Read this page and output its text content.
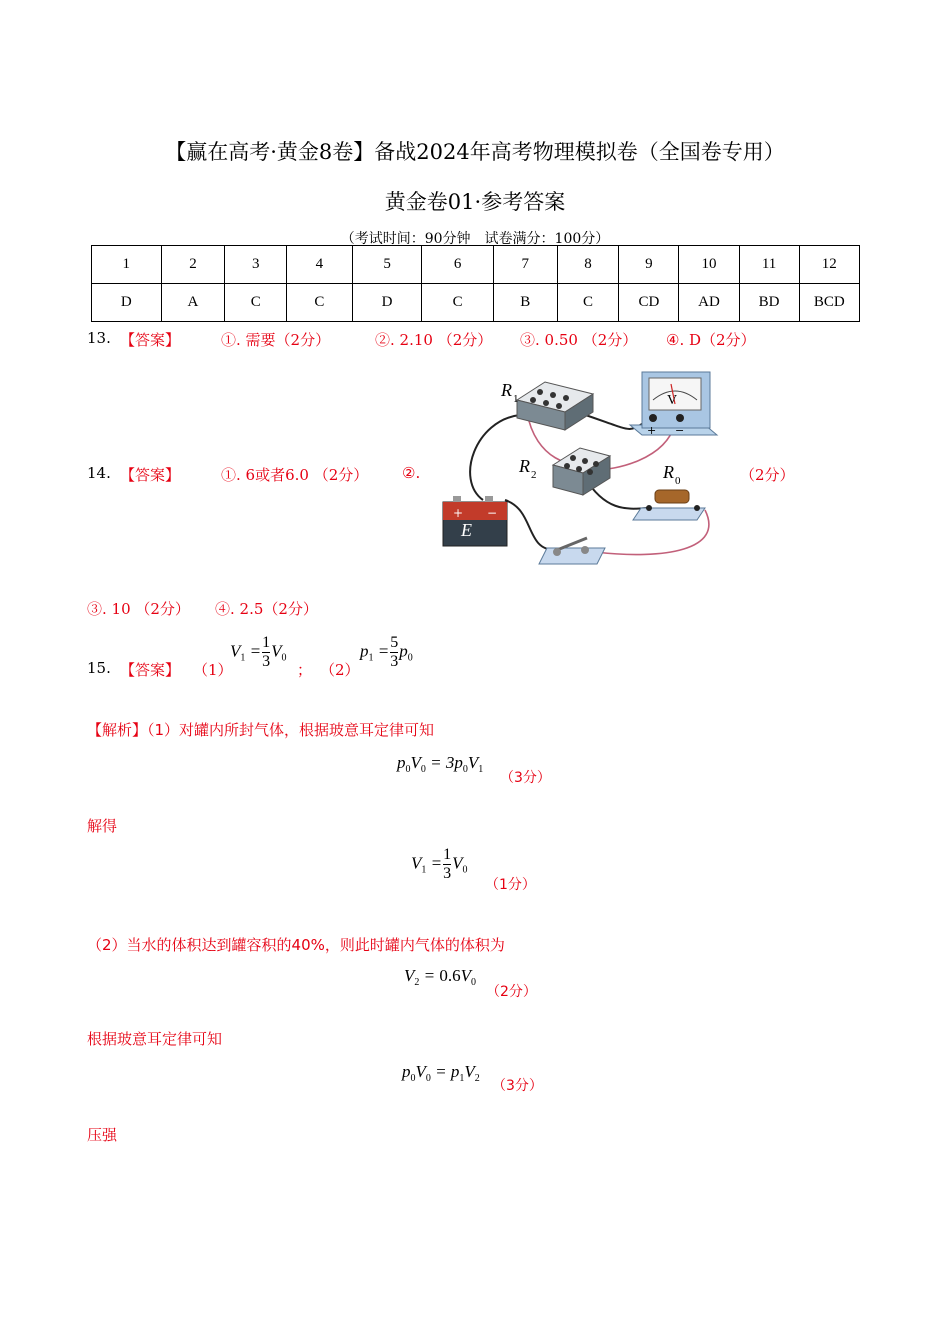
【赢在高考·黄金8卷】备战2024年高考物理模拟卷（全国卷专用）
黄金卷01·参考答案
（考试时间：90分钟　试卷满分：100分）
1	2	3	4	5	6	7	8	9	10	11	12
D	A	C	C	D	C	B	C	CD	AD	BD	BCD
13. 【答案】	①. 需要（2分）	②. 2.10 （2分） ③. 0.50 （2分） ④. D（2分）
14. 【答案】	①. 6或者6.0 （2分） ②.	（2分）
V
+ −
+ −
E
R 1
R 2	R 0
③. 10 （2分） ④. 2.5（2分）
15. 【答案】 （1）
$V_1 = \frac{1}{3} V_0$
； （2）
$p_1 = \frac{5}{3} p_0$
【解析】（1）对罐内所封气体，根据玻意耳定律可知
$p_0V_0 = 3p_0V_1$
（3分）
解得
$V_1 = \frac{1}{3} V_0$
（1分）
（2）当水的体积达到罐容积的40%，则此时罐内气体的体积为
$V_2 = 0.6V_0$
（2分）
根据玻意耳定律可知
$p_0V_0 = p_1V_2$ （3分）
压强
